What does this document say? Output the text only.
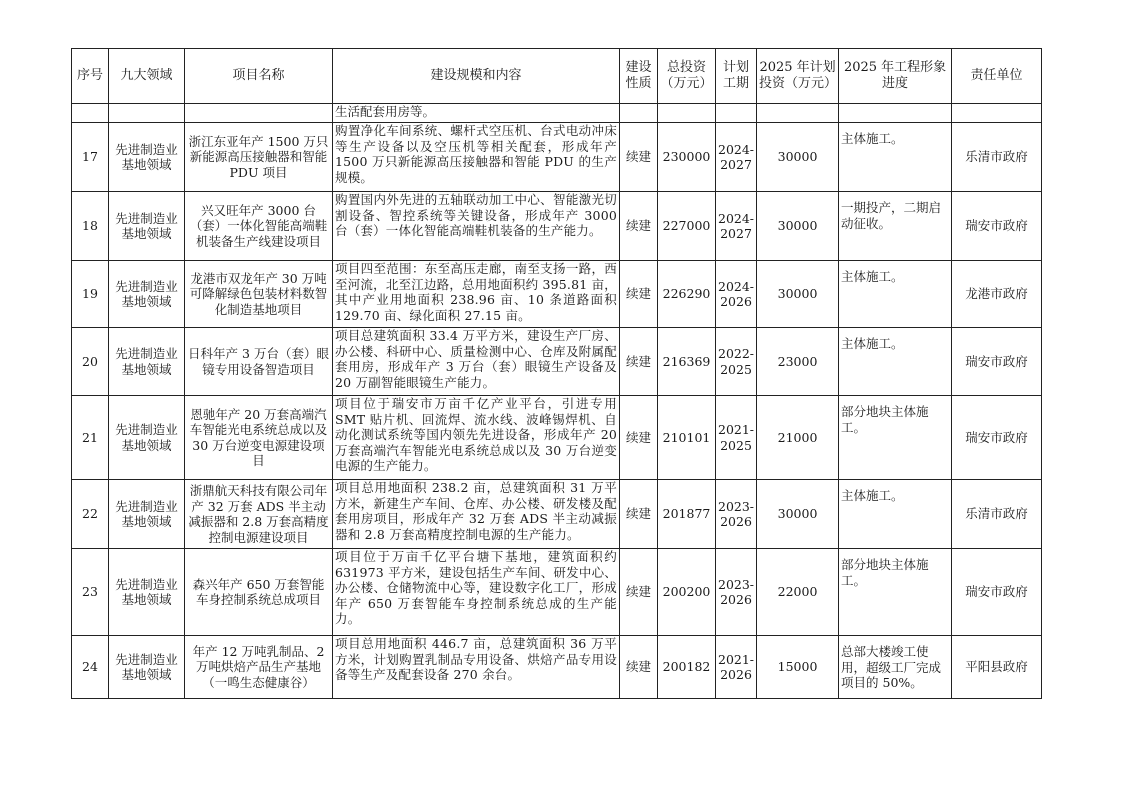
序号	九大领域	项目名称	建设规模和内容	建设性质	总投资（万元）	计划工期	2025 年计划投资（万元）	2025 年工程形象进度	责任单位
			生活配套用房等。						
17	先进制造业基地领域	浙江东亚年产 1500 万只新能源高压接触器和智能 PDU 项目	购置净化车间系统、螺杆式空压机、台式电动冲床等生产设备以及空压机等相关配套，形成年产 1500 万只新能源高压接触器和智能 PDU 的生产规模。	续建	230000	2024-2027	30000	主体施工。	乐清市政府
18	先进制造业基地领域	兴又旺年产 3000 台（套）一体化智能高端鞋机装备生产线建设项目	购置国内外先进的五轴联动加工中心、智能激光切割设备、智控系统等关键设备，形成年产 3000 台（套）一体化智能高端鞋机装备的生产能力。	续建	227000	2024-2027	30000	一期投产，二期启动征收。	瑞安市政府
19	先进制造业基地领域	龙港市双龙年产 30 万吨可降解绿色包装材料数智化制造基地项目	项目四至范围：东至高压走廊，南至支扬一路，西至河流，北至江边路，总用地面积约 395.81 亩，其中产业用地面积 238.96 亩、10 条道路面积 129.70 亩、绿化面积 27.15 亩。	续建	226290	2024-2026	30000	主体施工。	龙港市政府
20	先进制造业基地领域	日科年产 3 万台（套）眼镜专用设备智造项目	项目总建筑面积 33.4 万平方米，建设生产厂房、办公楼、科研中心、质量检测中心、仓库及附属配套用房，形成年产 3 万台（套）眼镜生产设备及 20 万副智能眼镜生产能力。	续建	216369	2022-2025	23000	主体施工。	瑞安市政府
21	先进制造业基地领域	恩驰年产 20 万套高端汽车智能光电系统总成以及 30 万台逆变电源建设项目	项目位于瑞安市万亩千亿产业平台，引进专用 SMT 贴片机、回流焊、流水线、波峰锡焊机、自动化测试系统等国内领先先进设备，形成年产 20 万套高端汽车智能光电系统总成以及 30 万台逆变电源的生产能力。	续建	210101	2021-2025	21000	部分地块主体施工。	瑞安市政府
22	先进制造业基地领域	浙鼎航天科技有限公司年产 32 万套 ADS 半主动减振器和 2.8 万套高精度控制电源建设项目	项目总用地面积 238.2 亩，总建筑面积 31 万平方米，新建生产车间、仓库、办公楼、研发楼及配套用房项目，形成年产 32 万套 ADS 半主动减振器和 2.8 万套高精度控制电源的生产能力。	续建	201877	2023-2026	30000	主体施工。	乐清市政府
23	先进制造业基地领域	森兴年产 650 万套智能车身控制系统总成项目	项目位于万亩千亿平台塘下基地，建筑面积约 631973 平方米，建设包括生产车间、研发中心、办公楼、仓储物流中心等，建设数字化工厂，形成年产 650 万套智能车身控制系统总成的生产能力。	续建	200200	2023-2026	22000	部分地块主体施工。	瑞安市政府
24	先进制造业基地领域	年产 12 万吨乳制品、2 万吨烘焙产品生产基地（一鸣生态健康谷）	项目总用地面积 446.7 亩，总建筑面积 36 万平方米，计划购置乳制品专用设备、烘焙产品专用设备等生产及配套设备 270 余台。	续建	200182	2021-2026	15000	总部大楼竣工使用，超级工厂完成项目的 50%。	平阳县政府
